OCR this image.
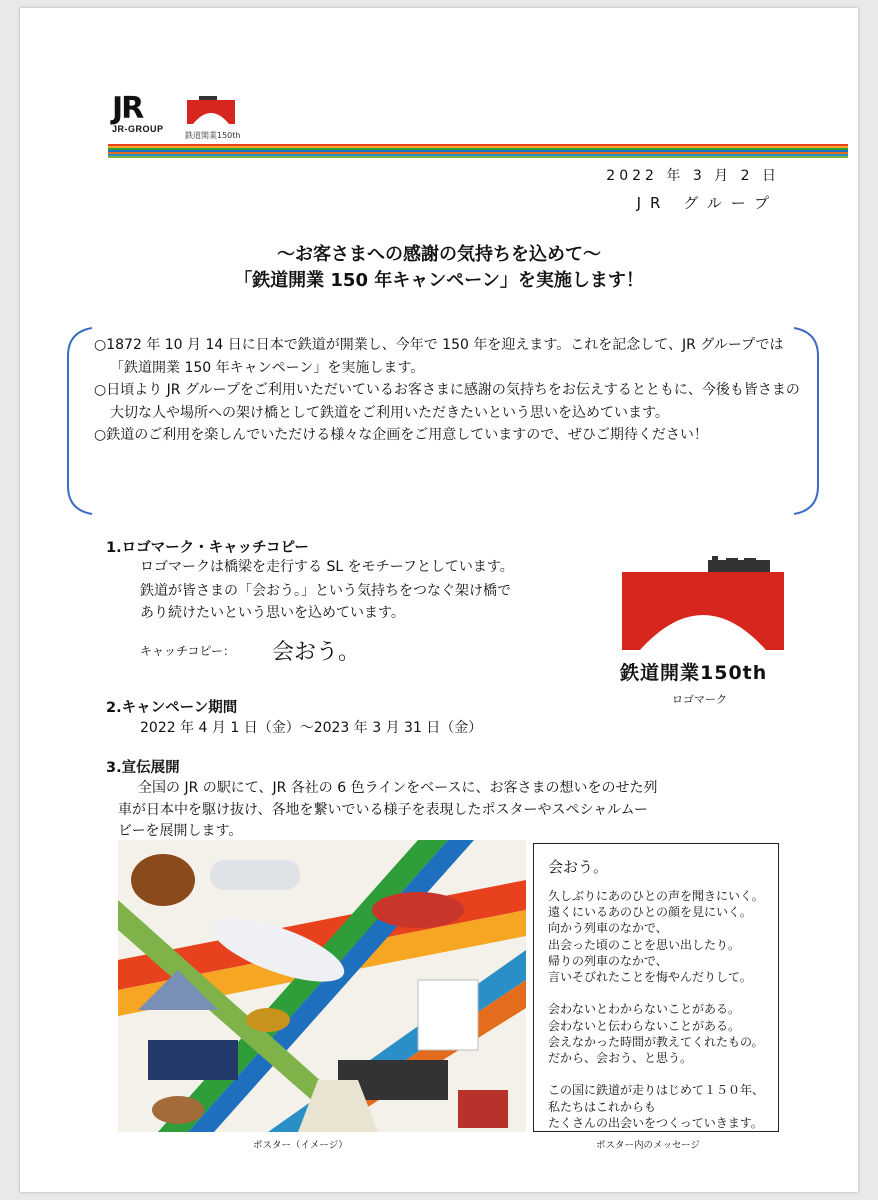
JR
JR-GROUP
鉄道開業150th
2022 年 3 月 2 日
JR グループ
～お客さまへの感謝の気持ちを込めて～
「鉄道開業 150 年キャンペーン」を実施します！

○1872 年 10 月 14 日に日本で鉄道が開業し、今年で 150 年を迎えます。これを記念して、JR グループでは「鉄道開業 150 年キャンペーン」を実施します。

○日頃より JR グループをご利用いただいているお客さまに感謝の気持ちをお伝えするとともに、今後も皆さまの大切な人や場所への架け橋として鉄道をご利用いただきたいという思いを込めています。

○鉄道のご利用を楽しんでいただける様々な企画をご用意していますので、ぜひご期待ください！

1.ロゴマーク・キャッチコピー
ロゴマークは橋梁を走行する SL をモチーフとしています。
鉄道が皆さまの「会おう。」という気持ちをつなぐ架け橋で
あり続けたいという思いを込めています。
キャッチコピー： 会おう。
鉄道開業150th
ロゴマーク
2.キャンペーン期間
2022 年 4 月 1 日（金）～2023 年 3 月 31 日（金）
3.宣伝展開
全国の JR の駅にて、JR 各社の 6 色ラインをベースに、お客さまの想いをのせた列
車が日本中を駆け抜け、各地を繋いでいる様子を表現したポスターやスペシャルムー
ビーを展開します。
会おう。
久しぶりにあのひとの声を聞きにいく。
遠くにいるあのひとの顔を見にいく。
向かう列車のなかで、
出会った頃のことを思い出したり。
帰りの列車のなかで、
言いそびれたことを悔やんだりして。

会わないとわからないことがある。
会わないと伝わらないことがある。
会えなかった時間が教えてくれたもの。
だから、会おう、と思う。

この国に鉄道が走りはじめて１５０年、
私たちはこれからも
たくさんの出会いをつくっていきます。
ポスター（イメージ）	ポスター内のメッセージ
